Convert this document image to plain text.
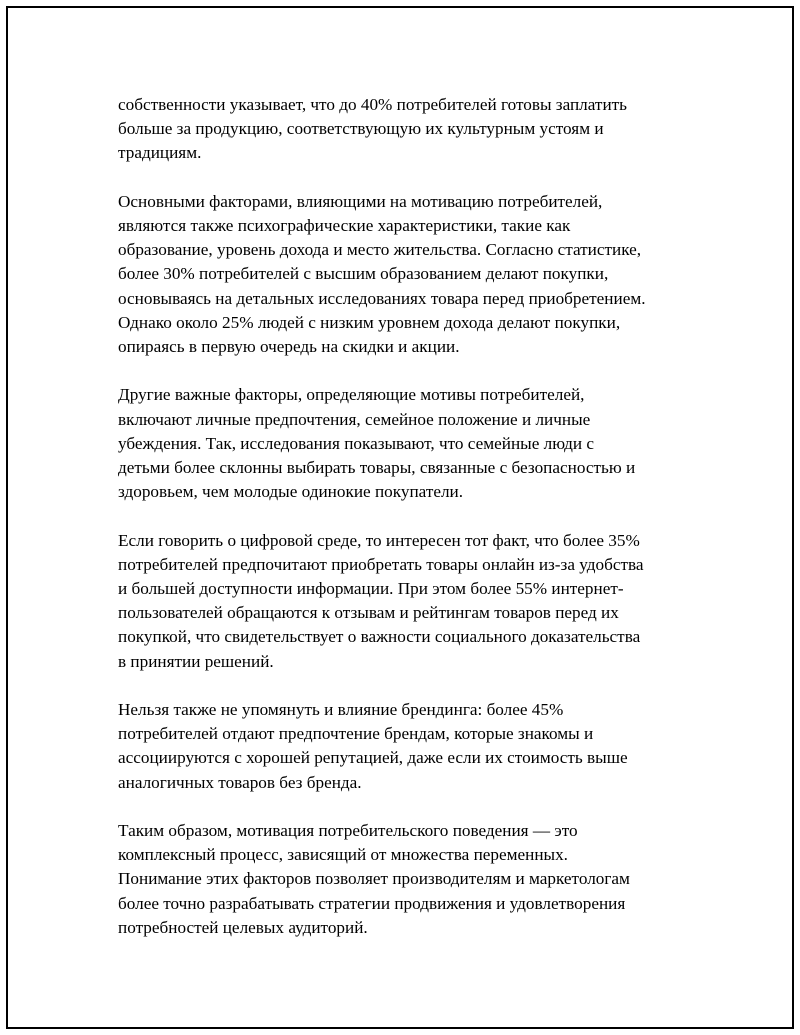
собственности указывает, что до 40% потребителей готовы заплатить
больше за продукцию, соответствующую их культурным устоям и
традициям.

Основными факторами, влияющими на мотивацию потребителей,
являются также психографические характеристики, такие как
образование, уровень дохода и место жительства. Согласно статистике,
более 30% потребителей с высшим образованием делают покупки,
основываясь на детальных исследованиях товара перед приобретением.
Однако около 25% людей с низким уровнем дохода делают покупки,
опираясь в первую очередь на скидки и акции.

Другие важные факторы, определяющие мотивы потребителей,
включают личные предпочтения, семейное положение и личные
убеждения. Так, исследования показывают, что семейные люди с
детьми более склонны выбирать товары, связанные с безопасностью и
здоровьем, чем молодые одинокие покупатели.

Если говорить о цифровой среде, то интересен тот факт, что более 35%
потребителей предпочитают приобретать товары онлайн из-за удобства
и большей доступности информации. При этом более 55% интернет-
пользователей обращаются к отзывам и рейтингам товаров перед их
покупкой, что свидетельствует о важности социального доказательства
в принятии решений.

Нельзя также не упомянуть и влияние брендинга: более 45%
потребителей отдают предпочтение брендам, которые знакомы и
ассоциируются с хорошей репутацией, даже если их стоимость выше
аналогичных товаров без бренда.

Таким образом, мотивация потребительского поведения — это
комплексный процесс, зависящий от множества переменных.
Понимание этих факторов позволяет производителям и маркетологам
более точно разрабатывать стратегии продвижения и удовлетворения
потребностей целевых аудиторий.
